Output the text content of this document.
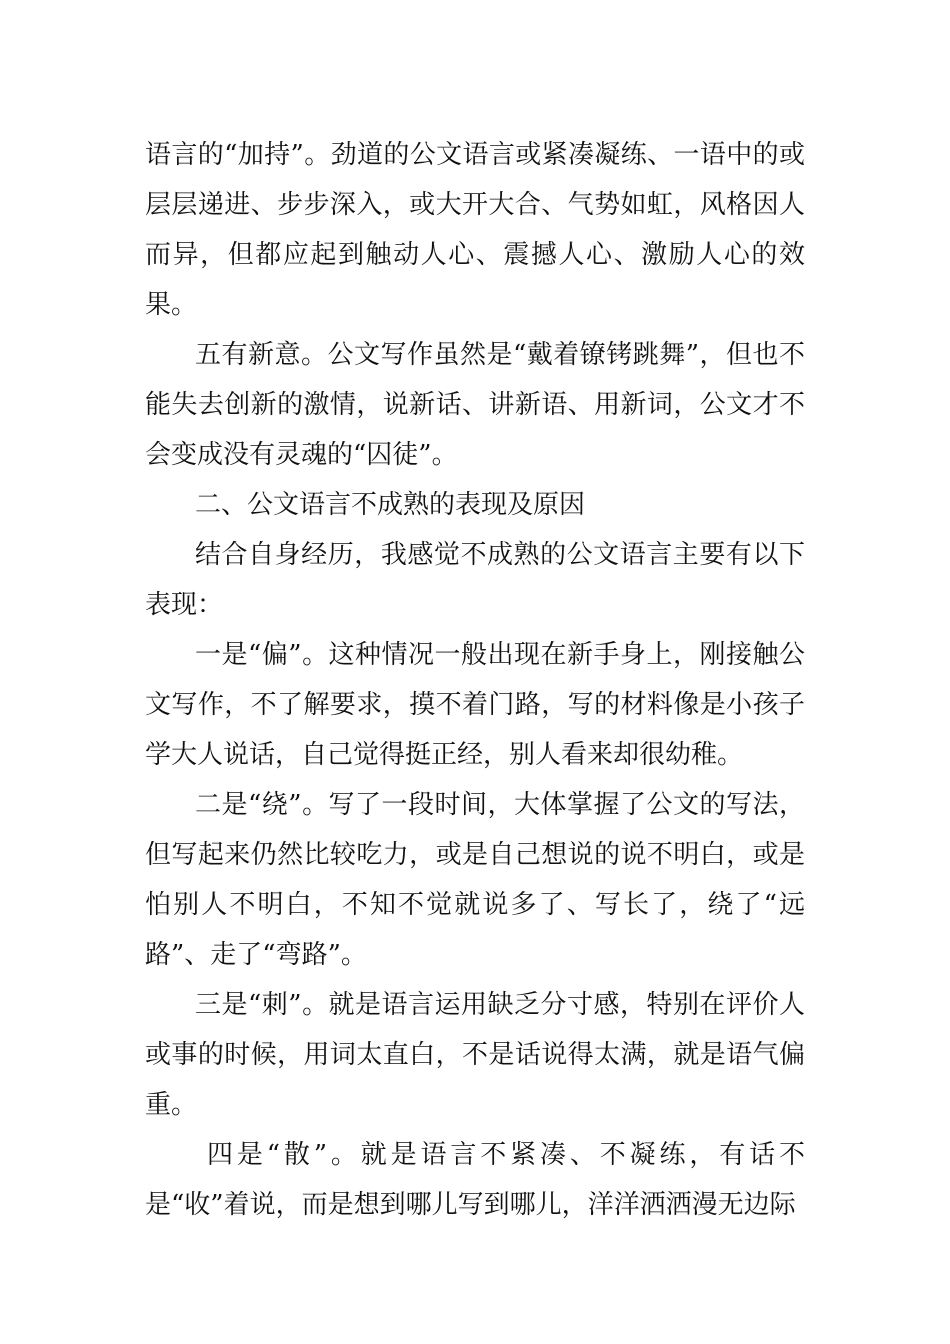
语言的“加持”。劲道的公文语言或紧凑凝练、一语中的或层层递进、步步深入，或大开大合、气势如虹，风格因人而异，但都应起到触动人心、震撼人心、激励人心的效果。

五有新意。公文写作虽然是“戴着镣铐跳舞”，但也不能失去创新的激情，说新话、讲新语、用新词，公文才不会变成没有灵魂的“囚徒”。

二、公文语言不成熟的表现及原因

结合自身经历，我感觉不成熟的公文语言主要有以下表现：

一是“偏”。这种情况一般出现在新手身上，刚接触公文写作，不了解要求，摸不着门路，写的材料像是小孩子学大人说话，自己觉得挺正经，别人看来却很幼稚。

二是“绕”。写了一段时间，大体掌握了公文的写法，但写起来仍然比较吃力，或是自己想说的说不明白，或是怕别人不明白，不知不觉就说多了、写长了，绕了“远路”、走了“弯路”。

三是“刺”。就是语言运用缺乏分寸感，特别在评价人或事的时候，用词太直白，不是话说得太满，就是语气偏重。

四是“散”。就是语言不紧凑、不凝练，有话不是“收”着说，而是想到哪儿写到哪儿，洋洋洒洒漫无边际
